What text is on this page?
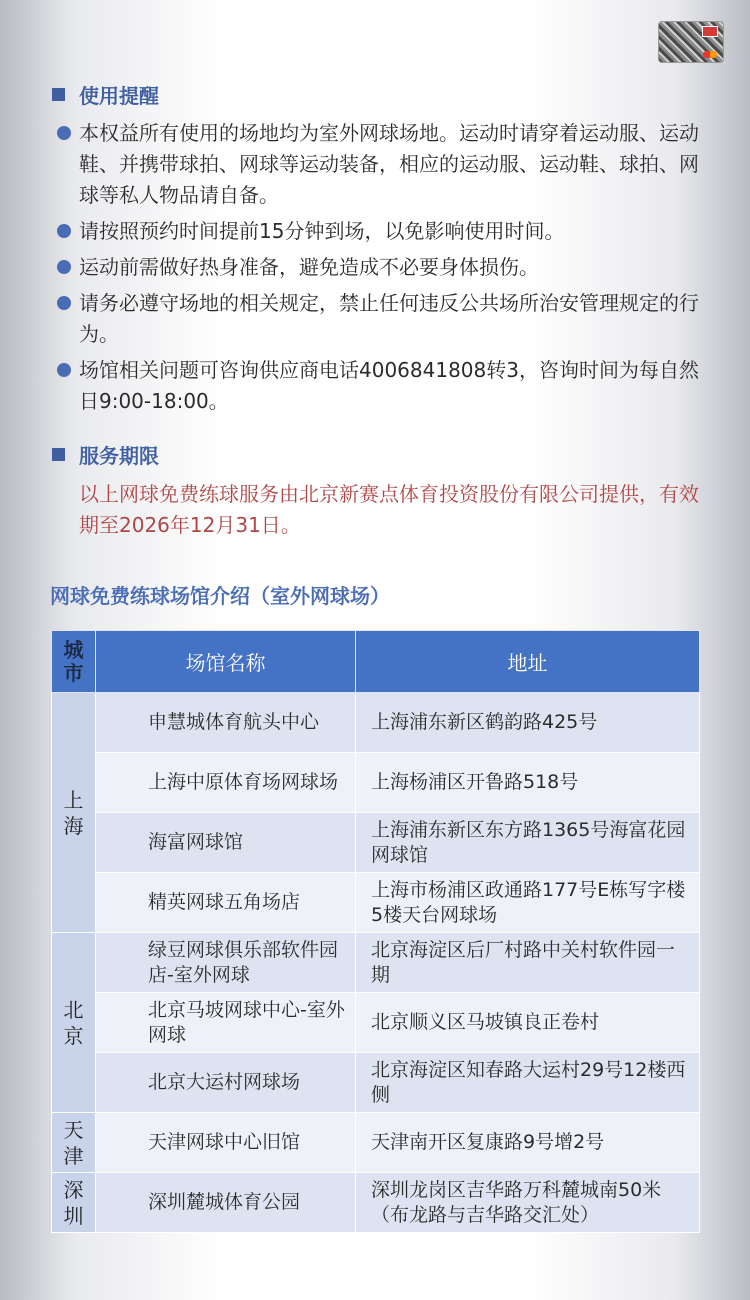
使用提醒
本权益所有使用的场地均为室外网球场地。运动时请穿着运动服、运动鞋、并携带球拍、网球等运动装备，相应的运动服、运动鞋、球拍、网球等私人物品请自备。
请按照预约时间提前15分钟到场，以免影响使用时间。
运动前需做好热身准备，避免造成不必要身体损伤。
请务必遵守场地的相关规定，禁止任何违反公共场所治安管理规定的行为。
场馆相关问题可咨询供应商电话4006841808转3，咨询时间为每自然日9:00-18:00。
服务期限
以上网球免费练球服务由北京新赛点体育投资股份有限公司提供，有效期至2026年12月31日。
网球免费练球场馆介绍（室外网球场）
城市	场馆名称	地址
上海	申慧城体育航头中心	上海浦东新区鹤韵路425号
	上海中原体育场网球场	上海杨浦区开鲁路518号
	海富网球馆	上海浦东新区东方路1365号海富花园网球馆
	精英网球五角场店	上海市杨浦区政通路177号E栋写字楼5楼天台网球场
北京	绿豆网球俱乐部软件园店-室外网球	北京海淀区后厂村路中关村软件园一期
	北京马坡网球中心-室外网球	北京顺义区马坡镇良正卷村
	北京大运村网球场	北京海淀区知春路大运村29号12楼西侧
天津	天津网球中心旧馆	天津南开区复康路9号增2号
深圳	深圳麓城体育公园	深圳龙岗区吉华路万科麓城南50米（布龙路与吉华路交汇处）
